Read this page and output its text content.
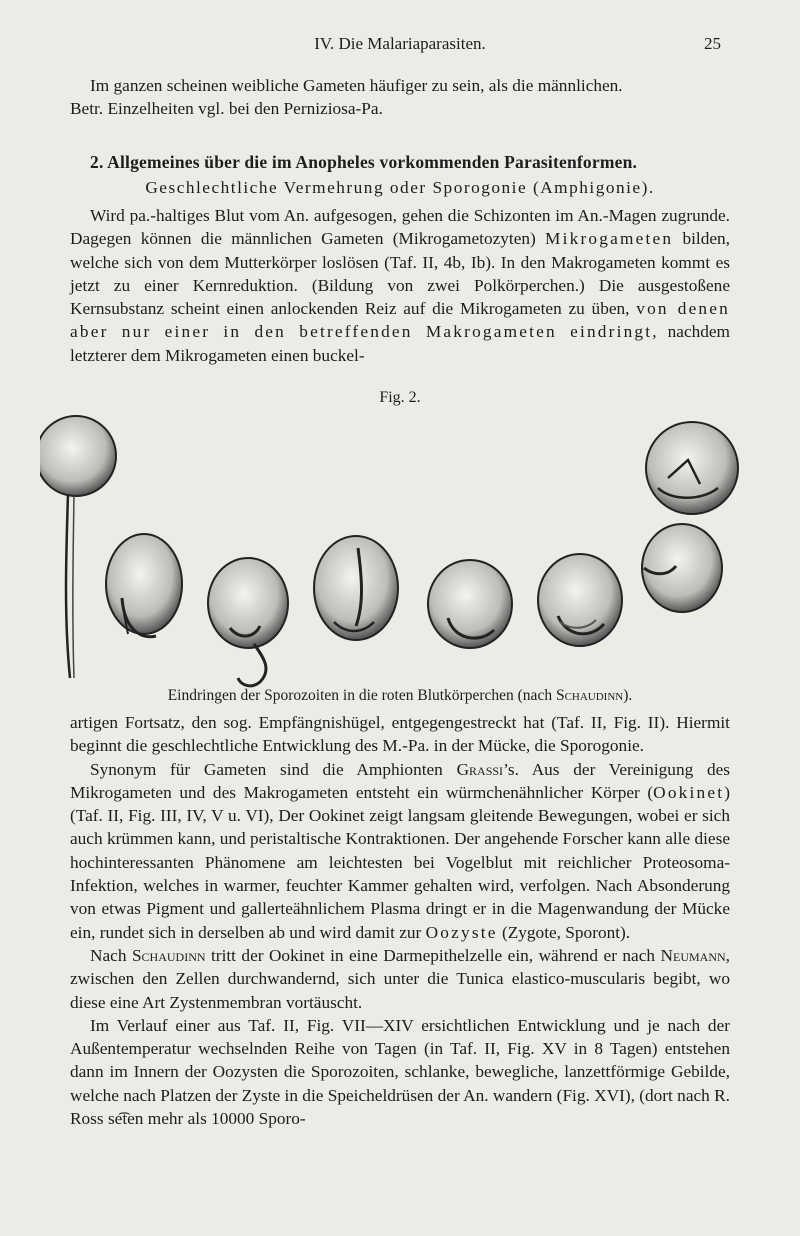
IV. Die Malariaparasiten.	25

Im ganzen scheinen weibliche Gameten häufiger zu sein, als die männlichen.

Betr. Einzelheiten vgl. bei den Perniziosa-Pa.

2. Allgemeines über die im Anopheles vorkommenden Parasitenformen.
Geschlechtliche Vermehrung oder Sporogonie (Amphigonie).

Wird pa.-haltiges Blut vom An. aufgesogen, gehen die Schizonten im An.-Magen zugrunde. Dagegen können die männlichen Gameten (Mikrogametozyten) Mikrogameten bilden, welche sich von dem Mutterkörper loslösen (Taf. II, 4b, Ib). In den Makrogameten kommt es jetzt zu einer Kernreduktion. (Bildung von zwei Polkörperchen.) Die ausgestoßene Kernsubstanz scheint einen anlockenden Reiz auf die Mikrogameten zu üben, von denen aber nur einer in den betreffenden Makrogameten eindringt, nachdem letzterer dem Mikrogameten einen buckel-

Fig. 2.
Eindringen der Sporozoiten in die roten Blutkörperchen (nach Schaudinn).

artigen Fortsatz, den sog. Empfängnishügel, entgegengestreckt hat (Taf. II, Fig. II). Hiermit beginnt die geschlechtliche Entwicklung des M.-Pa. in der Mücke, die Sporogonie.

Synonym für Gameten sind die Amphionten Grassi’s. Aus der Vereinigung des Mikrogameten und des Makrogameten entsteht ein würmchenähnlicher Körper (Ookinet) (Taf. II, Fig. III, IV, V u. VI), Der Ookinet zeigt langsam gleitende Bewegungen, wobei er sich auch krümmen kann, und peristaltische Kontraktionen. Der angehende Forscher kann alle diese hochinteressanten Phänomene am leichtesten bei Vogelblut mit reichlicher Proteosoma-Infektion, welches in warmer, feuchter Kammer gehalten wird, verfolgen. Nach Absonderung von etwas Pigment und gallerteähnlichem Plasma dringt er in die Magenwandung der Mücke ein, rundet sich in derselben ab und wird damit zur Oozyste (Zygote, Sporont).

Nach Schaudinn tritt der Ookinet in eine Darmepithelzelle ein, während er nach Neumann, zwischen den Zellen durchwandernd, sich unter die Tunica elastico-muscularis begibt, wo diese eine Art Zystenmembran vortäuscht.

Im Verlauf einer aus Taf. II, Fig. VII—XIV ersichtlichen Entwicklung und je nach der Außentemperatur wechselnden Reihe von Tagen (in Taf. II, Fig. XV in 8 Tagen) entstehen dann im Innern der Oozysten die Sporozoiten, schlanke, bewegliche, lanzettförmige Gebilde, welche nach Platzen der Zyste in die Speicheldrüsen der An. wandern (Fig. XVI), (dort nach R. Ross se͡ten mehr als 10000 Sporo-
